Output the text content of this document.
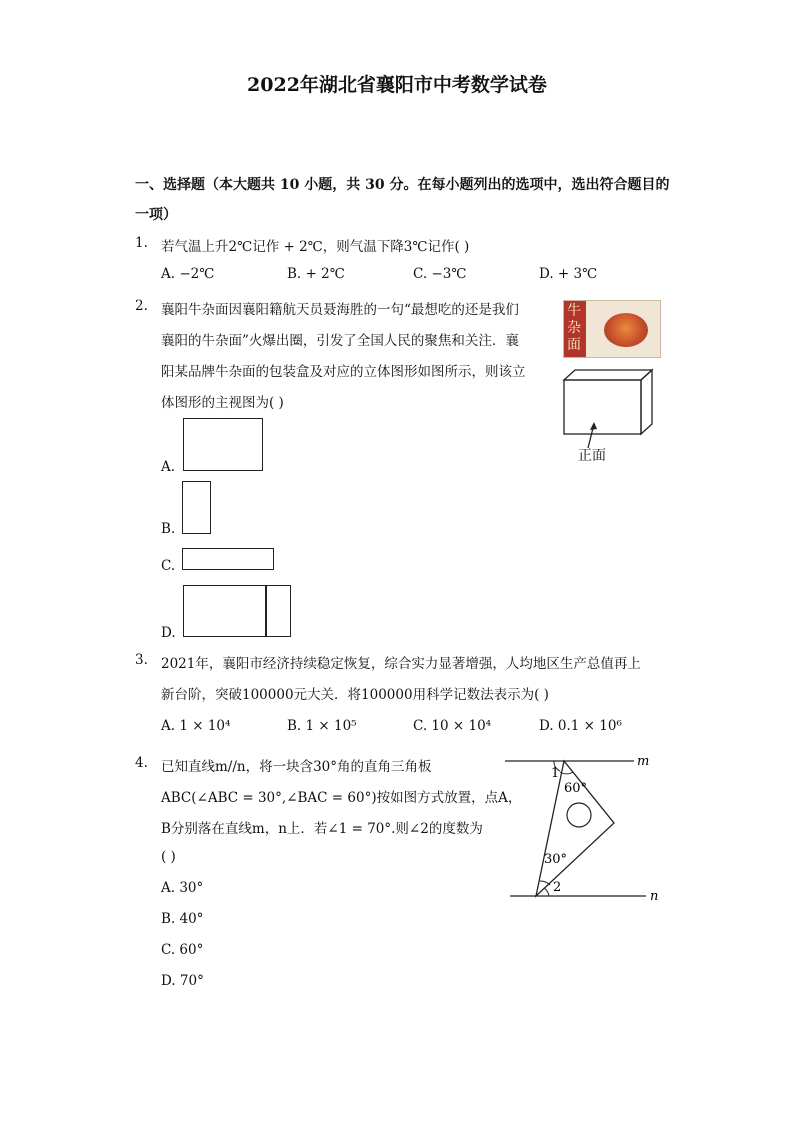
2022年湖北省襄阳市中考数学试卷
一、选择题（本大题共 10 小题，共 30 分。在每小题列出的选项中，选出符合题目的
一项）
1. 若气温上升2℃记作 + 2℃，则气温下降3℃记作( )
A. −2℃	B. + 2℃	C. −3℃	D. + 3℃
2. 襄阳牛杂面因襄阳籍航天员聂海胜的一句“最想吃的还是我们
襄阳的牛杂面”火爆出圈，引发了全国人民的聚焦和关注．襄
阳某品牌牛杂面的包装盒及对应的立体图形如图所示，则该立
体图形的主视图为( )
牛杂面
正面
A.
B.
C.
D.
3. 2021年，襄阳市经济持续稳定恢复，综合实力显著增强，人均地区生产总值再上
新台阶，突破100000元大关．将100000用科学记数法表示为( )
A. 1 × 10⁴	B. 1 × 10⁵	C. 10 × 10⁴	D. 0.1 × 10⁶
4. 已知直线m//n，将一块含30°角的直角三角板
ABC(∠ABC = 30°,∠BAC = 60°)按如图方式放置，点A，
B分别落在直线m，n上．若∠1 = 70°.则∠2的度数为
( )
A. 30°
B. 40°
C. 60°
D. 70°
m
n
1
60°
30°
2
